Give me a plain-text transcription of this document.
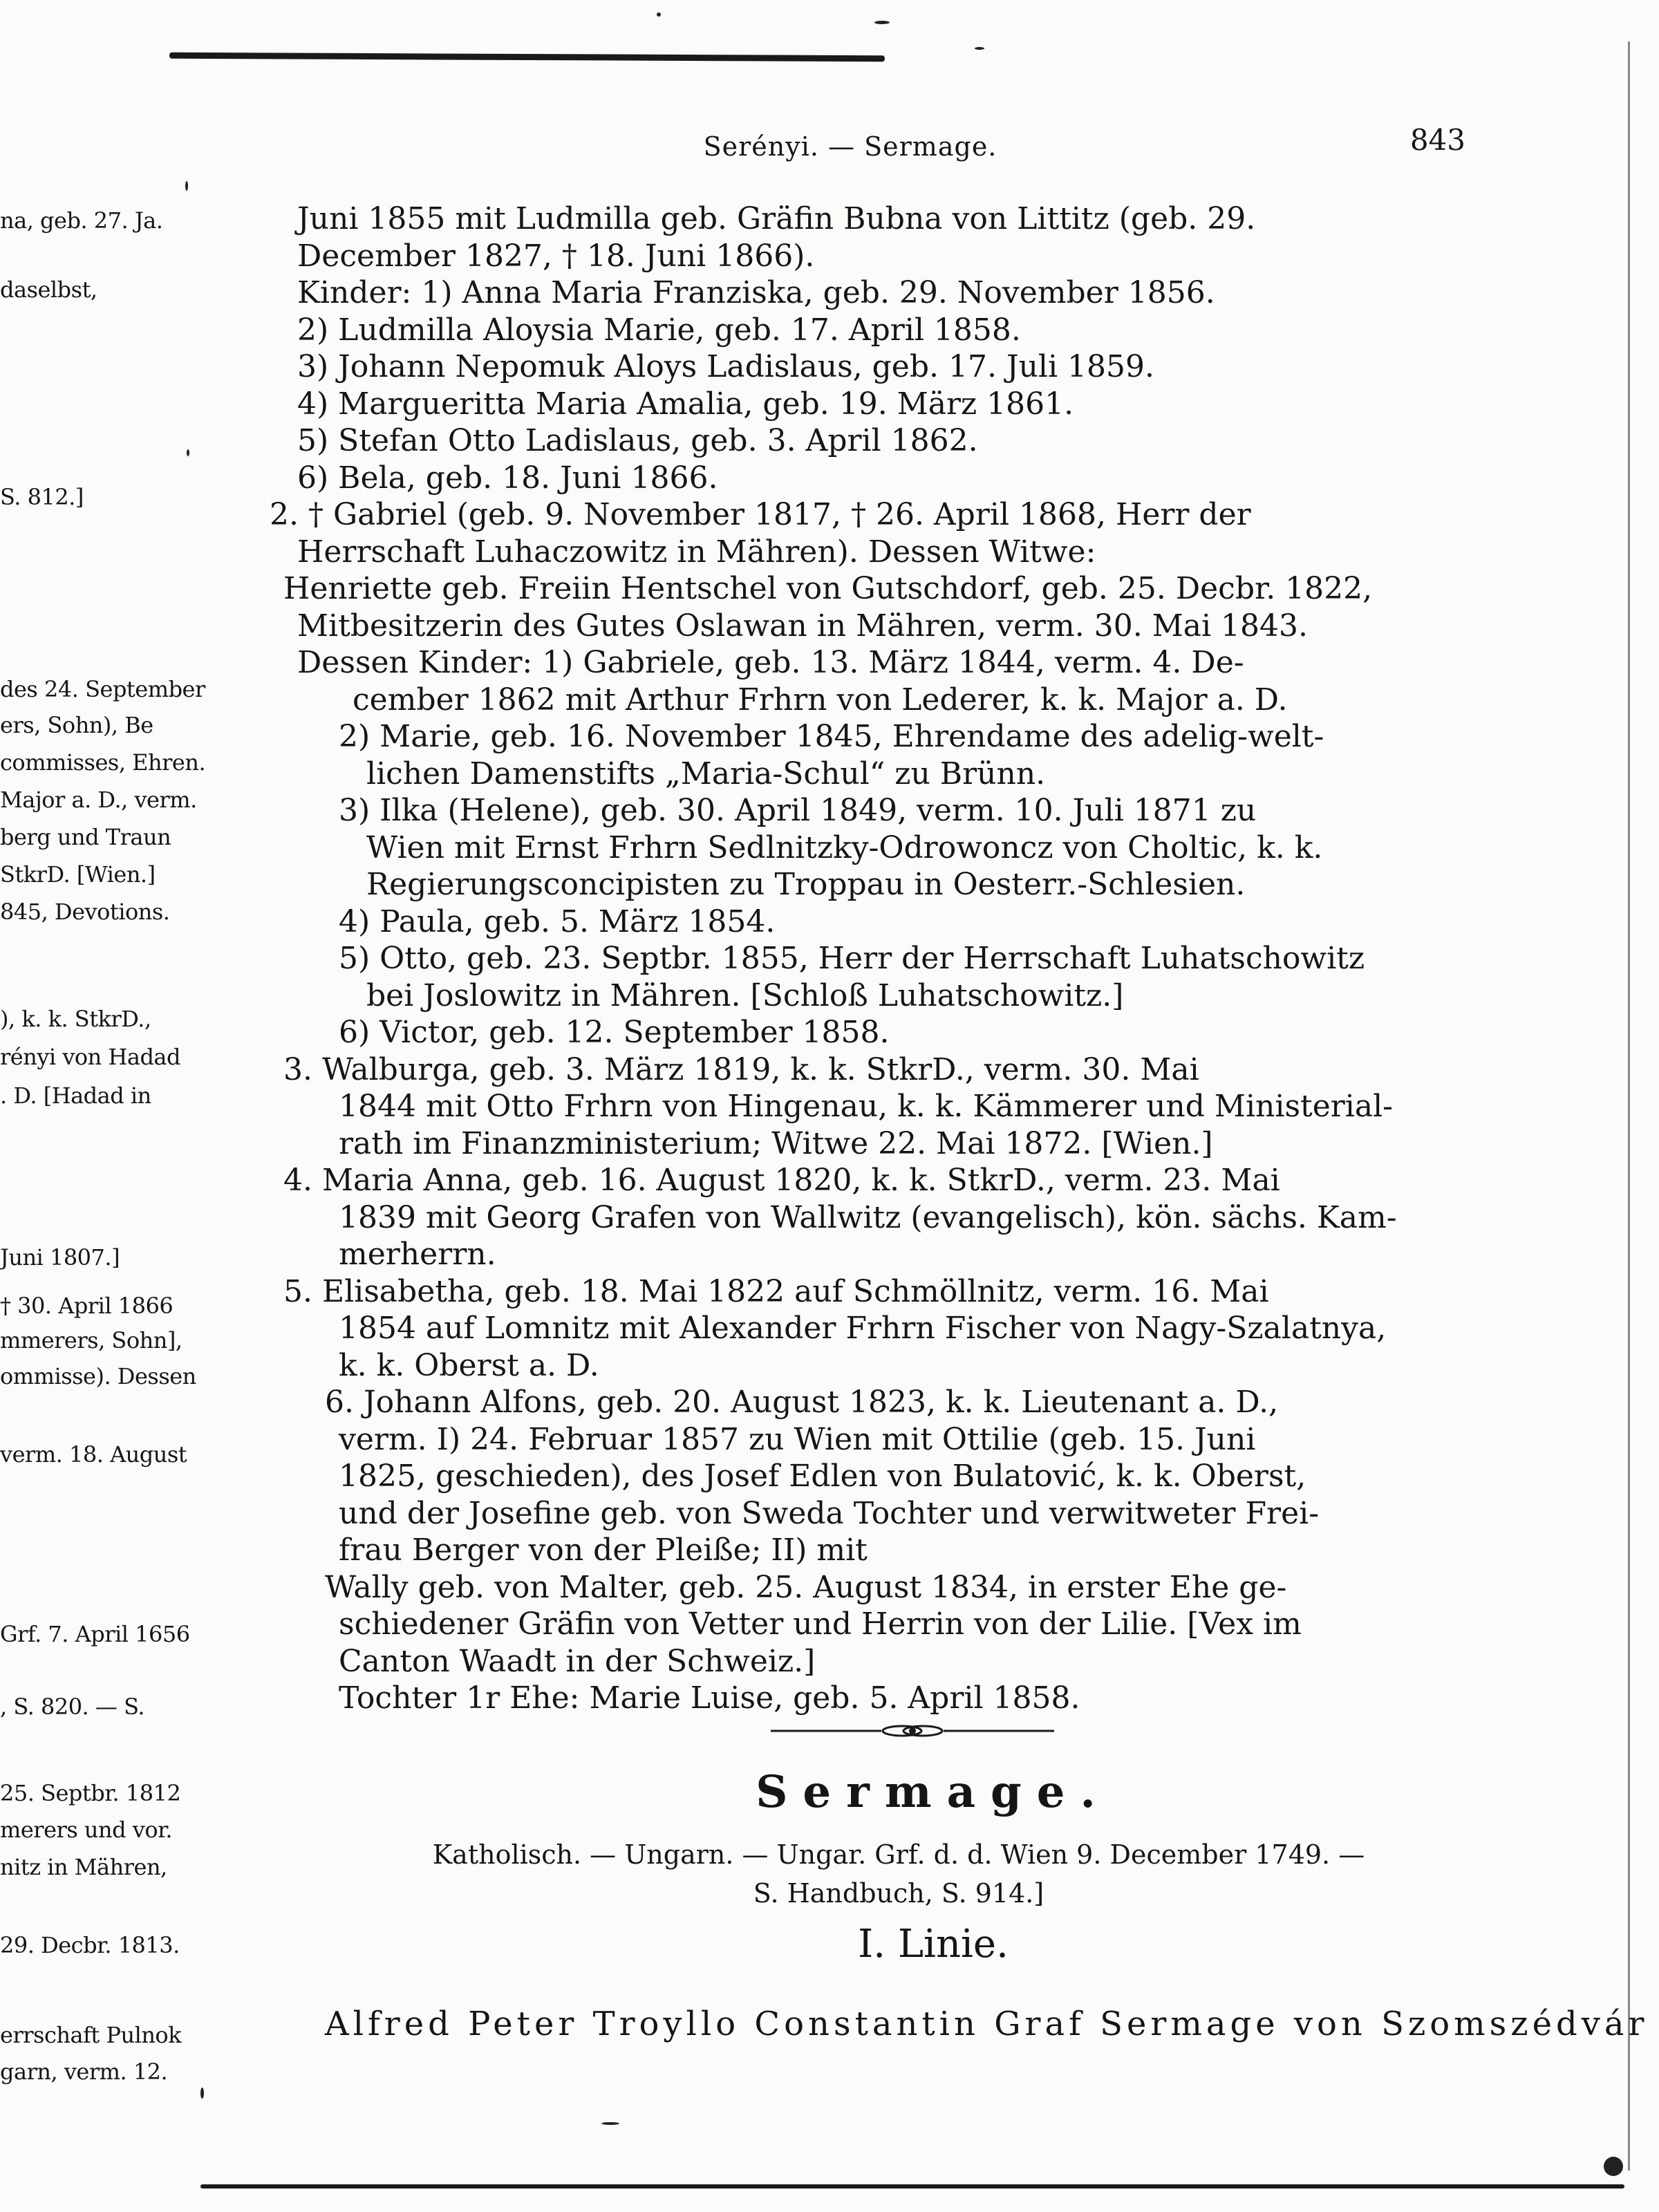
na, geb. 27. Ja.
daselbst,
S. 812.]
des 24. September
ers, Sohn), Be
commisses, Ehren.
Major a. D., verm.
berg und Traun
StkrD. [Wien.]
845, Devotions.
), k. k. StkrD.,
rényi von Hadad
. D. [Hadad in
Juni 1807.]
† 30. April 1866
mmerers, Sohn],
ommisse). Dessen
verm. 18. August
Grf. 7. April 1656
, S. 820. — S.
25. Septbr. 1812
merers und vor.
nitz in Mähren,
29. Decbr. 1813.
errschaft Pulnok
garn, verm. 12.
Serényi. — Sermage.	843
Juni 1855 mit Ludmilla geb. Gräfin Bubna von Littitz (geb. 29.
December 1827, † 18. Juni 1866).
Kinder: 1) Anna Maria Franziska, geb. 29. November 1856.
2) Ludmilla Aloysia Marie, geb. 17. April 1858.
3) Johann Nepomuk Aloys Ladislaus, geb. 17. Juli 1859.
4) Margueritta Maria Amalia, geb. 19. März 1861.
5) Stefan Otto Ladislaus, geb. 3. April 1862.
6) Bela, geb. 18. Juni 1866.
2. † Gabriel (geb. 9. November 1817, † 26. April 1868, Herr der
Herrschaft Luhaczowitz in Mähren). Dessen Witwe:
Henriette geb. Freiin Hentschel von Gutschdorf, geb. 25. Decbr. 1822,
Mitbesitzerin des Gutes Oslawan in Mähren, verm. 30. Mai 1843.
Dessen Kinder: 1) Gabriele, geb. 13. März 1844, verm. 4. De-
cember 1862 mit Arthur Frhrn von Lederer, k. k. Major a. D.
2) Marie, geb. 16. November 1845, Ehrendame des adelig-welt-
lichen Damenstifts „Maria-Schul“ zu Brünn.
3) Ilka (Helene), geb. 30. April 1849, verm. 10. Juli 1871 zu
Wien mit Ernst Frhrn Sedlnitzky-Odrowoncz von Choltic, k. k.
Regierungsconcipisten zu Troppau in Oesterr.-Schlesien.
4) Paula, geb. 5. März 1854.
5) Otto, geb. 23. Septbr. 1855, Herr der Herrschaft Luhatschowitz
bei Joslowitz in Mähren. [Schloß Luhatschowitz.]
6) Victor, geb. 12. September 1858.
3. Walburga, geb. 3. März 1819, k. k. StkrD., verm. 30. Mai
1844 mit Otto Frhrn von Hingenau, k. k. Kämmerer und Ministerial-
rath im Finanzministerium; Witwe 22. Mai 1872. [Wien.]
4. Maria Anna, geb. 16. August 1820, k. k. StkrD., verm. 23. Mai
1839 mit Georg Grafen von Wallwitz (evangelisch), kön. sächs. Kam-
merherrn.
5. Elisabetha, geb. 18. Mai 1822 auf Schmöllnitz, verm. 16. Mai
1854 auf Lomnitz mit Alexander Frhrn Fischer von Nagy-Szalatnya,
k. k. Oberst a. D.
6. Johann Alfons, geb. 20. August 1823, k. k. Lieutenant a. D.,
verm. I) 24. Februar 1857 zu Wien mit Ottilie (geb. 15. Juni
1825, geschieden), des Josef Edlen von Bulatović, k. k. Oberst,
und der Josefine geb. von Sweda Tochter und verwitweter Frei-
frau Berger von der Pleiße; II) mit
Wally geb. von Malter, geb. 25. August 1834, in erster Ehe ge-
schiedener Gräfin von Vetter und Herrin von der Lilie. [Vex im
Canton Waadt in der Schweiz.]
Tochter 1r Ehe: Marie Luise, geb. 5. April 1858.
Sermage.
Katholisch. — Ungarn. — Ungar. Grf. d. d. Wien 9. December 1749. —
S. Handbuch, S. 914.]
I. Linie.
Alfred Peter Troyllo Constantin Graf Sermage von Szomszédvár
